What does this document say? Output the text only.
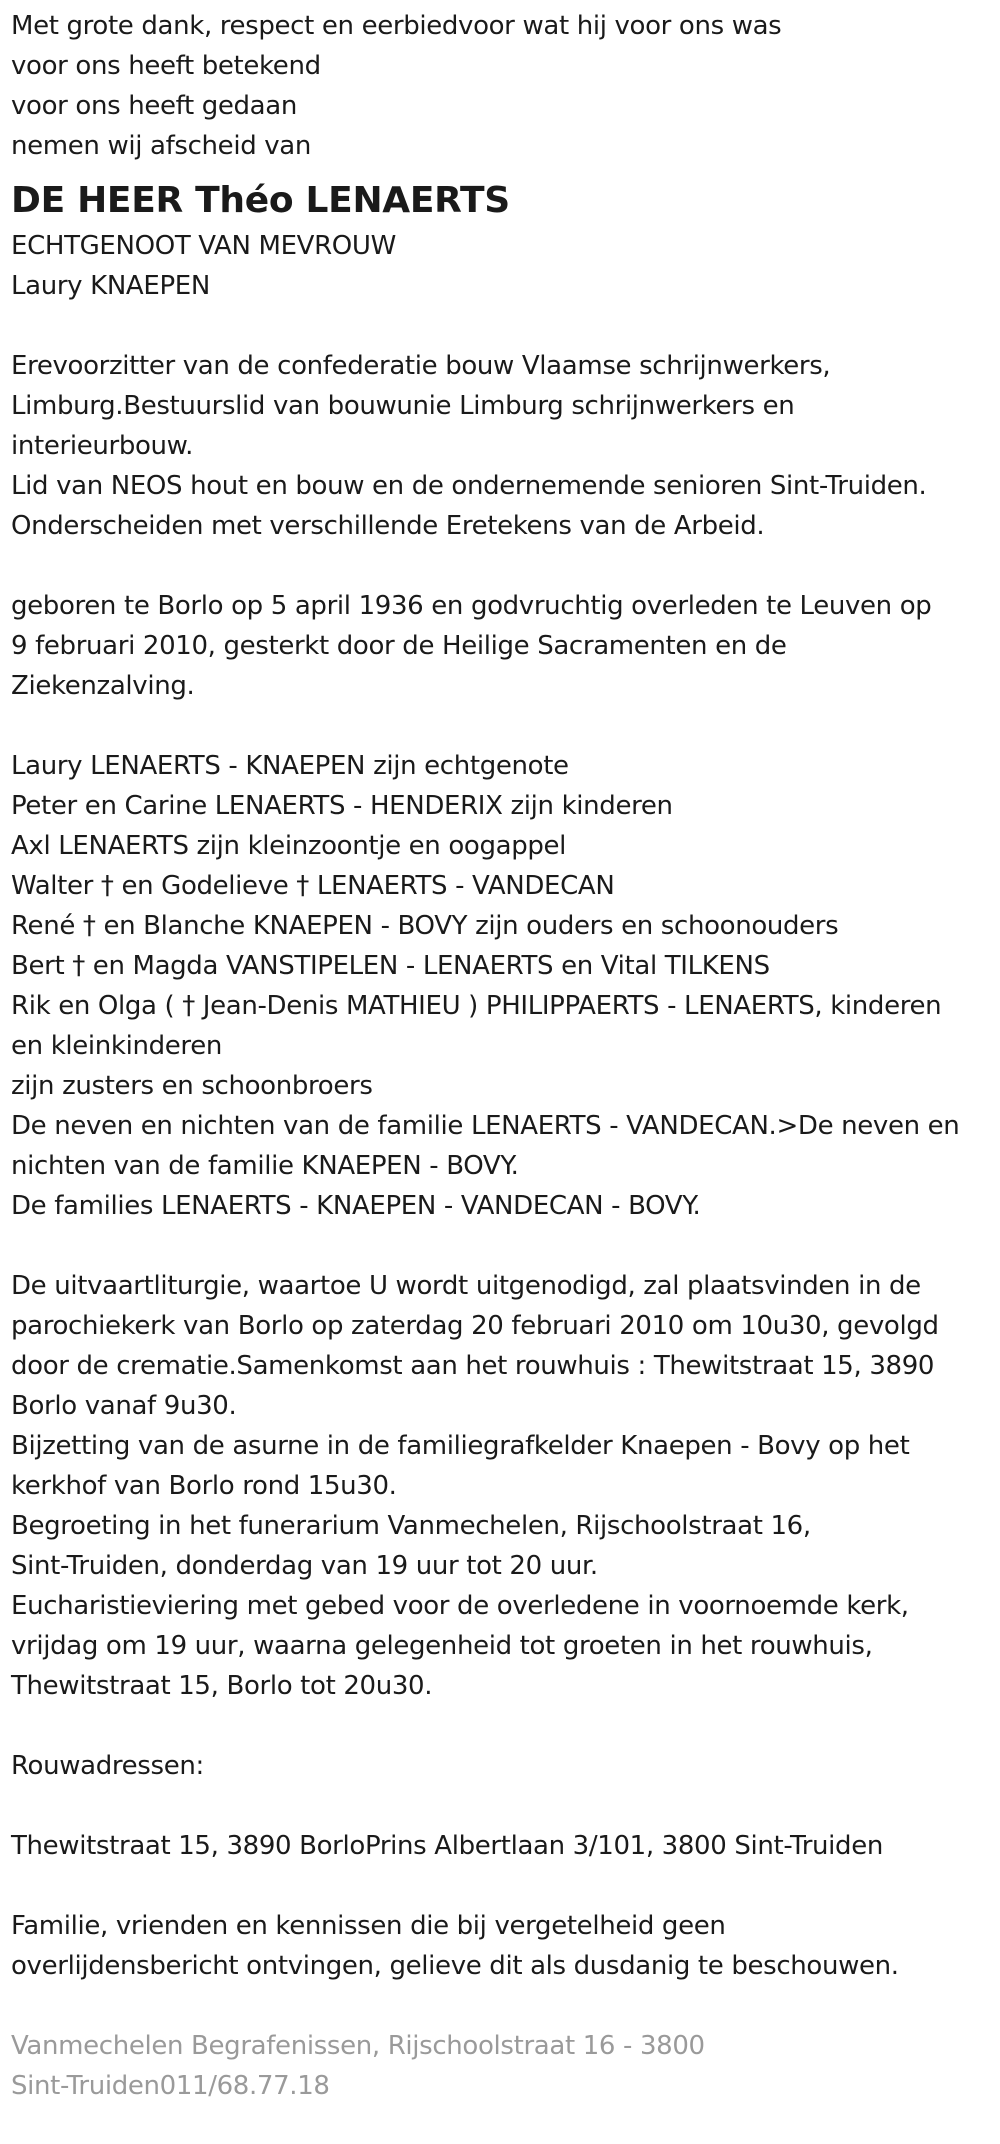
Met grote dank, respect en eerbiedvoor wat hij voor ons was
voor ons heeft betekend
voor ons heeft gedaan
nemen wij afscheid van
DE HEER Théo LENAERTS
ECHTGENOOT VAN MEVROUW
Laury KNAEPEN
Erevoorzitter van de confederatie bouw Vlaamse schrijnwerkers,
Limburg.Bestuurslid van bouwunie Limburg schrijnwerkers en
interieurbouw.
Lid van NEOS hout en bouw en de ondernemende senioren Sint-Truiden.
Onderscheiden met verschillende Eretekens van de Arbeid.
geboren te Borlo op 5 april 1936 en godvruchtig overleden te Leuven op
9 februari 2010, gesterkt door de Heilige Sacramenten en de
Ziekenzalving.
Laury LENAERTS - KNAEPEN zijn echtgenote
Peter en Carine LENAERTS - HENDERIX zijn kinderen
Axl LENAERTS zijn kleinzoontje en oogappel
Walter † en Godelieve † LENAERTS - VANDECAN
René † en Blanche KNAEPEN - BOVY zijn ouders en schoonouders
Bert † en Magda VANSTIPELEN - LENAERTS en Vital TILKENS
Rik en Olga ( † Jean-Denis MATHIEU ) PHILIPPAERTS - LENAERTS, kinderen
en kleinkinderen
zijn zusters en schoonbroers
De neven en nichten van de familie LENAERTS - VANDECAN.>De neven en
nichten van de familie KNAEPEN - BOVY.
De families LENAERTS - KNAEPEN - VANDECAN - BOVY.
De uitvaartliturgie, waartoe U wordt uitgenodigd, zal plaatsvinden in de
parochiekerk van Borlo op zaterdag 20 februari 2010 om 10u30, gevolgd
door de crematie.Samenkomst aan het rouwhuis : Thewitstraat 15, 3890
Borlo vanaf 9u30.
Bijzetting van de asurne in de familiegrafkelder Knaepen - Bovy op het
kerkhof van Borlo rond 15u30.
Begroeting in het funerarium Vanmechelen, Rijschoolstraat 16,
Sint-Truiden, donderdag van 19 uur tot 20 uur.
Eucharistieviering met gebed voor de overledene in voornoemde kerk,
vrijdag om 19 uur, waarna gelegenheid tot groeten in het rouwhuis,
Thewitstraat 15, Borlo tot 20u30.
Rouwadressen:
Thewitstraat 15, 3890 BorloPrins Albertlaan 3/101, 3800 Sint-Truiden
Familie, vrienden en kennissen die bij vergetelheid geen
overlijdensbericht ontvingen, gelieve dit als dusdanig te beschouwen.
Vanmechelen Begrafenissen, Rijschoolstraat 16 - 3800
Sint-Truiden011/68.77.18
